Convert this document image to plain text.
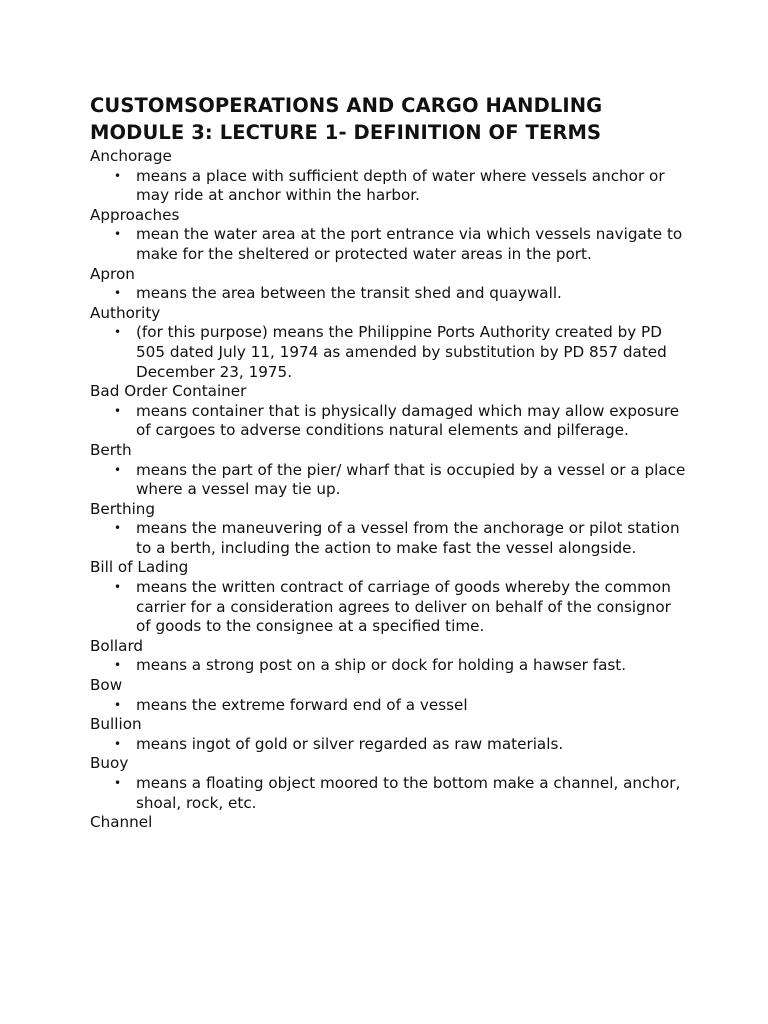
CUSTOMSOPERATIONS AND CARGO HANDLING
MODULE 3: LECTURE 1- DEFINITION OF TERMS
Anchorage
• means a place with sufficient depth of water where vessels anchor or may ride at anchor within the harbor.
Approaches
• mean the water area at the port entrance via which vessels navigate to make for the sheltered or protected water areas in the port.
Apron
• means the area between the transit shed and quaywall.
Authority
• (for this purpose) means the Philippine Ports Authority created by PD 505 dated July 11, 1974 as amended by substitution by PD 857 dated December 23, 1975.
Bad Order Container
• means container that is physically damaged which may allow exposure of cargoes to adverse conditions natural elements and pilferage.
Berth
• means the part of the pier/ wharf that is occupied by a vessel or a place where a vessel may tie up.
Berthing
• means the maneuvering of a vessel from the anchorage or pilot station to a berth, including the action to make fast the vessel alongside.
Bill of Lading
• means the written contract of carriage of goods whereby the common carrier for a consideration agrees to deliver on behalf of the consignor of goods to the consignee at a specified time.
Bollard
• means a strong post on a ship or dock for holding a hawser fast.
Bow
• means the extreme forward end of a vessel
Bullion
• means ingot of gold or silver regarded as raw materials.
Buoy
• means a floating object moored to the bottom make a channel, anchor, shoal, rock, etc.
Channel
